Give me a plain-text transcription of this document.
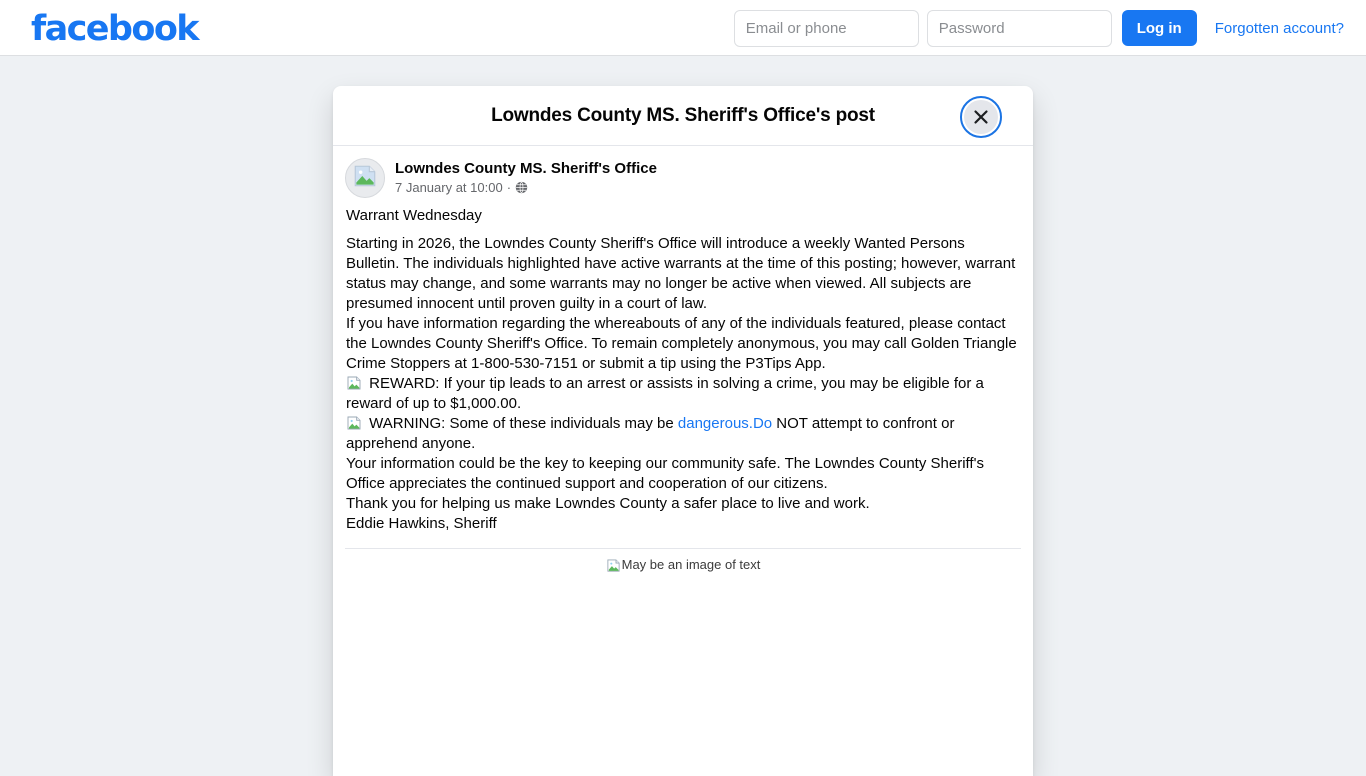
facebook
Email or phone	Log in	Forgotten account?
Lowndes County MS. Sheriff's Office's post
Lowndes County MS. Sheriff's Office
7 January at 10:00 ·

Warrant Wednesday

Starting in 2026, the Lowndes County Sheriff's Office will introduce a weekly Wanted Persons Bulletin. The individuals highlighted have active warrants at the time of this posting; however, warrant status may change, and some warrants may no longer be active when viewed. All subjects are presumed innocent until proven guilty in a court of law.

If you have information regarding the whereabouts of any of the individuals featured, please contact the Lowndes County Sheriff's Office. To remain completely anonymous, you may call Golden Triangle Crime Stoppers at 1-800-530-7151 or submit a tip using the P3Tips App.

REWARD: If your tip leads to an arrest or assists in solving a crime, you may be eligible for a reward of up to $1,000.00.

WARNING: Some of these individuals may be dangerous.Do NOT attempt to confront or apprehend anyone.

Your information could be the key to keeping our community safe. The Lowndes County Sheriff's Office appreciates the continued support and cooperation of our citizens.

Thank you for helping us make Lowndes County a safer place to live and work.

Eddie Hawkins, Sheriff

May be an image of text
